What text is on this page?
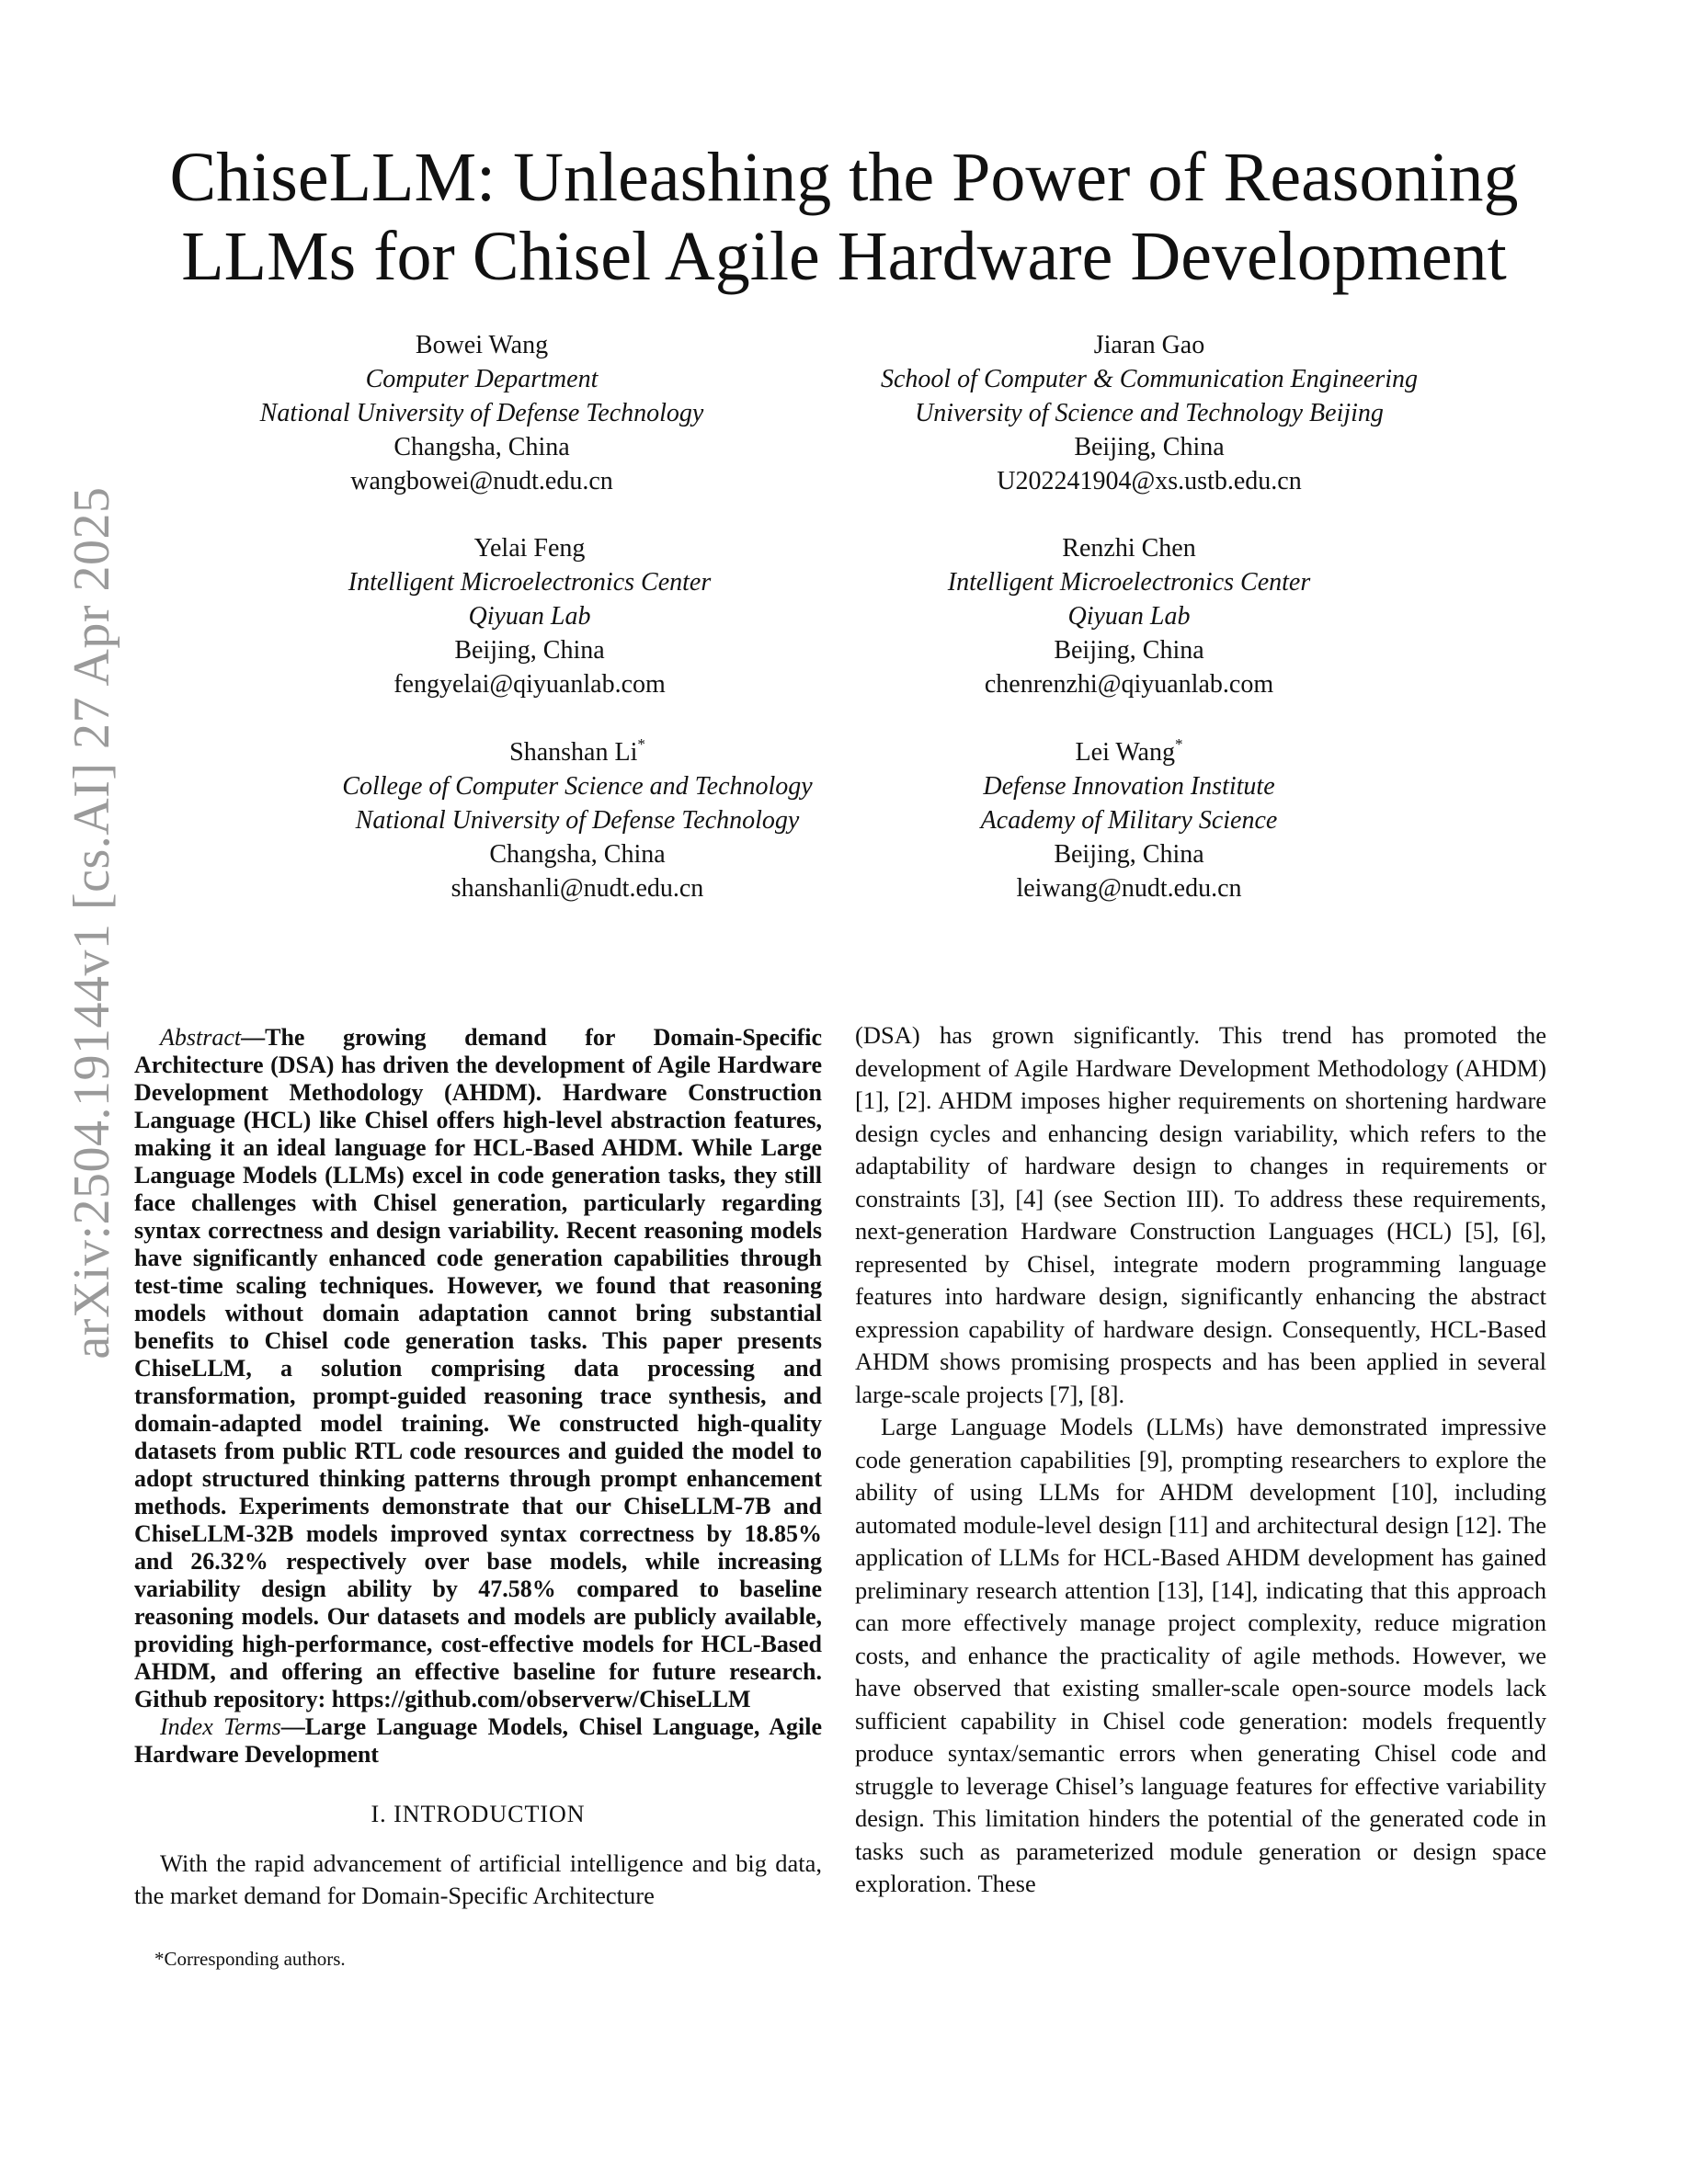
arXiv:2504.19144v1 [cs.AI] 27 Apr 2025
ChiseLLM: Unleashing the Power of Reasoning
LLMs for Chisel Agile Hardware Development
Bowei Wang
Computer Department
National University of Defense Technology
Changsha, China
wangbowei@nudt.edu.cn
Jiaran Gao
School of Computer & Communication Engineering
University of Science and Technology Beijing
Beijing, China
U202241904@xs.ustb.edu.cn
Yelai Feng
Intelligent Microelectronics Center
Qiyuan Lab
Beijing, China
fengyelai@qiyuanlab.com
Renzhi Chen
Intelligent Microelectronics Center
Qiyuan Lab
Beijing, China
chenrenzhi@qiyuanlab.com
Shanshan Li*
College of Computer Science and Technology
National University of Defense Technology
Changsha, China
shanshanli@nudt.edu.cn
Lei Wang*
Defense Innovation Institute
Academy of Military Science
Beijing, China
leiwang@nudt.edu.cn

Abstract—The growing demand for Domain-Specific Architecture (DSA) has driven the development of Agile Hardware Development Methodology (AHDM). Hardware Construction Language (HCL) like Chisel offers high-level abstraction features, making it an ideal language for HCL-Based AHDM. While Large Language Models (LLMs) excel in code generation tasks, they still face challenges with Chisel generation, particularly regarding syntax correctness and design variability. Recent reasoning models have significantly enhanced code generation capabilities through test-time scaling techniques. However, we found that reasoning models without domain adaptation cannot bring substantial benefits to Chisel code generation tasks. This paper presents ChiseLLM, a solution comprising data processing and transformation, prompt-guided reasoning trace synthesis, and domain-adapted model training. We constructed high-quality datasets from public RTL code resources and guided the model to adopt structured thinking patterns through prompt enhancement methods. Experiments demonstrate that our ChiseLLM-7B and ChiseLLM-32B models improved syntax correctness by 18.85% and 26.32% respectively over base models, while increasing variability design ability by 47.58% compared to baseline reasoning models. Our datasets and models are publicly available, providing high-performance, cost-effective models for HCL-Based AHDM, and offering an effective baseline for future research. Github repository: https://github.com/observerw/ChiseLLM

Index Terms—Large Language Models, Chisel Language, Agile Hardware Development

I. INTRODUCTION

With the rapid advancement of artificial intelligence and big data, the market demand for Domain-Specific Architecture

*Corresponding authors.

(DSA) has grown significantly. This trend has promoted the development of Agile Hardware Development Methodology (AHDM) [1], [2]. AHDM imposes higher requirements on shortening hardware design cycles and enhancing design variability, which refers to the adaptability of hardware design to changes in requirements or constraints [3], [4] (see Section III). To address these requirements, next-generation Hardware Construction Languages (HCL) [5], [6], represented by Chisel, integrate modern programming language features into hardware design, significantly enhancing the abstract expression capability of hardware design. Consequently, HCL-Based AHDM shows promising prospects and has been applied in several large-scale projects [7], [8].

Large Language Models (LLMs) have demonstrated impressive code generation capabilities [9], prompting researchers to explore the ability of using LLMs for AHDM development [10], including automated module-level design [11] and architectural design [12]. The application of LLMs for HCL-Based AHDM development has gained preliminary research attention [13], [14], indicating that this approach can more effectively manage project complexity, reduce migration costs, and enhance the practicality of agile methods. However, we have observed that existing smaller-scale open-source models lack sufficient capability in Chisel code generation: models frequently produce syntax/semantic errors when generating Chisel code and struggle to leverage Chisel’s language features for effective variability design. This limitation hinders the potential of the generated code in tasks such as parameterized module generation or design space exploration. These
